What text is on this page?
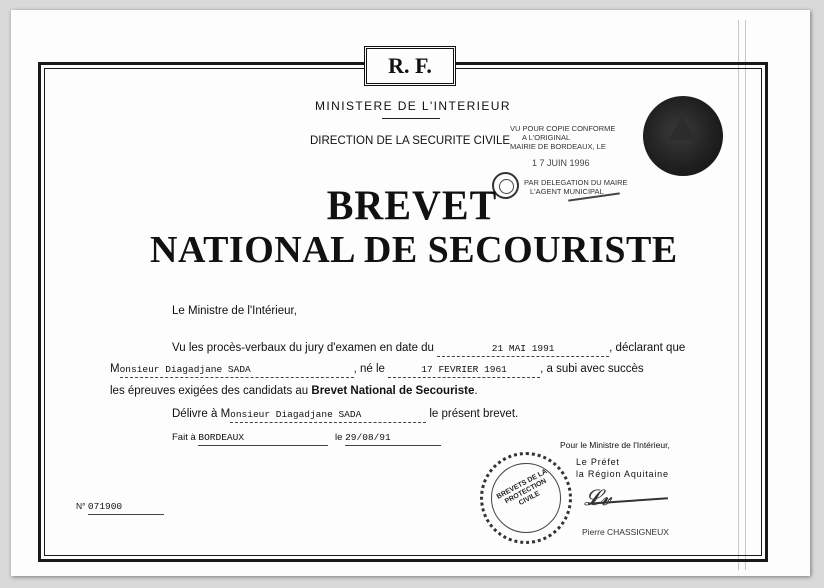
R. F.
MINISTERE DE L'INTERIEUR
DIRECTION DE LA SECURITE CIVILE
VU POUR COPIE CONFORME
A L'ORIGINAL
MAIRIE DE BORDEAUX, LE
1 7 JUIN 1996
PAR DELEGATION DU MAIRE
L'AGENT MUNICIPAL
BREVET
NATIONAL DE SECOURISTE
Le Ministre de l'Intérieur,
Vu les procès-verbaux du jury d'examen en date du	21 MAI 1991	, déclarant que
Monsieur Diagadjane SADA	, né le	17 FEVRIER 1961	, a subi avec succès
les épreuves exigées des candidats au Brevet National de Secouriste.
Délivre à Monsieur Diagadjane SADA	le présent brevet.
Fait à BORDEAUX	le 29/08/91
Pour le Ministre de l'Intérieur,
Le Préfet
la Région Aquitaine
BREVETS DE LA PROTECTION CIVILE	𝓛𝓿
Pierre CHASSIGNEUX
N° 071900
